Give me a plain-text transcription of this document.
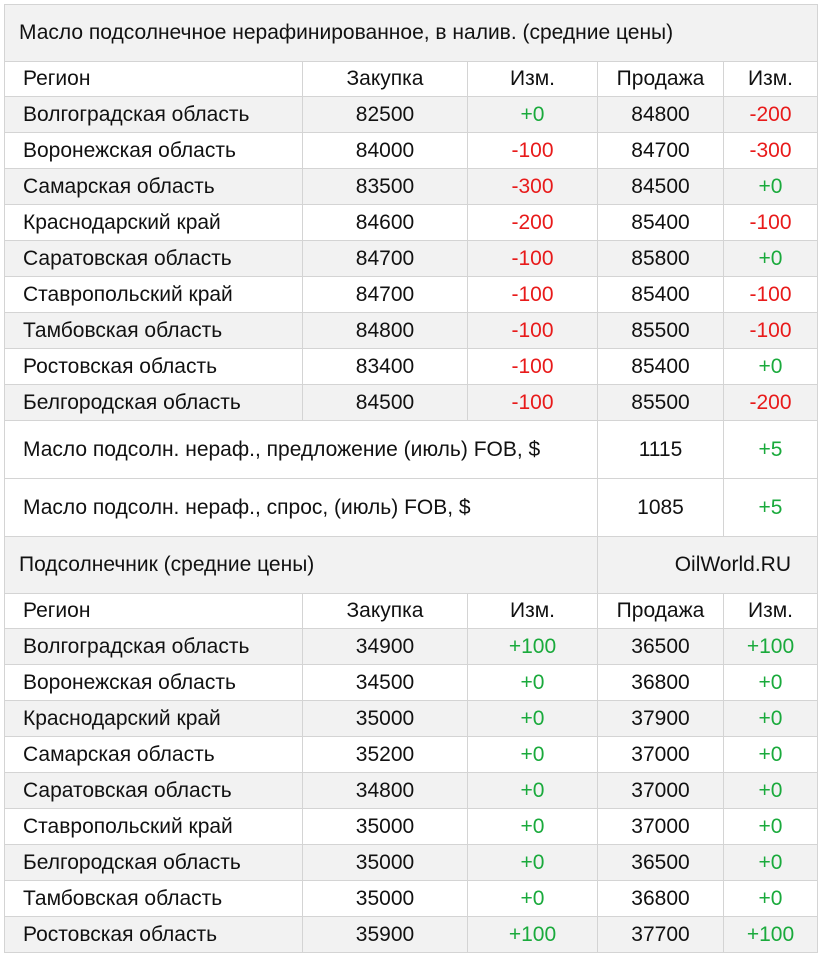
Масло подсолнечное нерафинированное, в налив. (средние цены)				
Регион	Закупка	Изм.	Продажа	Изм.
Волгоградская область	82500	+0	84800	-200
Воронежская область	84000	-100	84700	-300
Самарская область	83500	-300	84500	+0
Краснодарский край	84600	-200	85400	-100
Саратовская область	84700	-100	85800	+0
Ставропольский край	84700	-100	85400	-100
Тамбовская область	84800	-100	85500	-100
Ростовская область	83400	-100	85400	+0
Белгородская область	84500	-100	85500	-200
Масло подсолн. нераф., предложение (июль) FOB, $			1115	+5
Масло подсолн. нераф., спрос, (июль) FOB, $			1085	+5
Подсолнечник (средние цены)			OilWorld.RU	
Регион	Закупка	Изм.	Продажа	Изм.
Волгоградская область	34900	+100	36500	+100
Воронежская область	34500	+0	36800	+0
Краснодарский край	35000	+0	37900	+0
Самарская область	35200	+0	37000	+0
Саратовская область	34800	+0	37000	+0
Ставропольский край	35000	+0	37000	+0
Белгородская область	35000	+0	36500	+0
Тамбовская область	35000	+0	36800	+0
Ростовская область	35900	+100	37700	+100
